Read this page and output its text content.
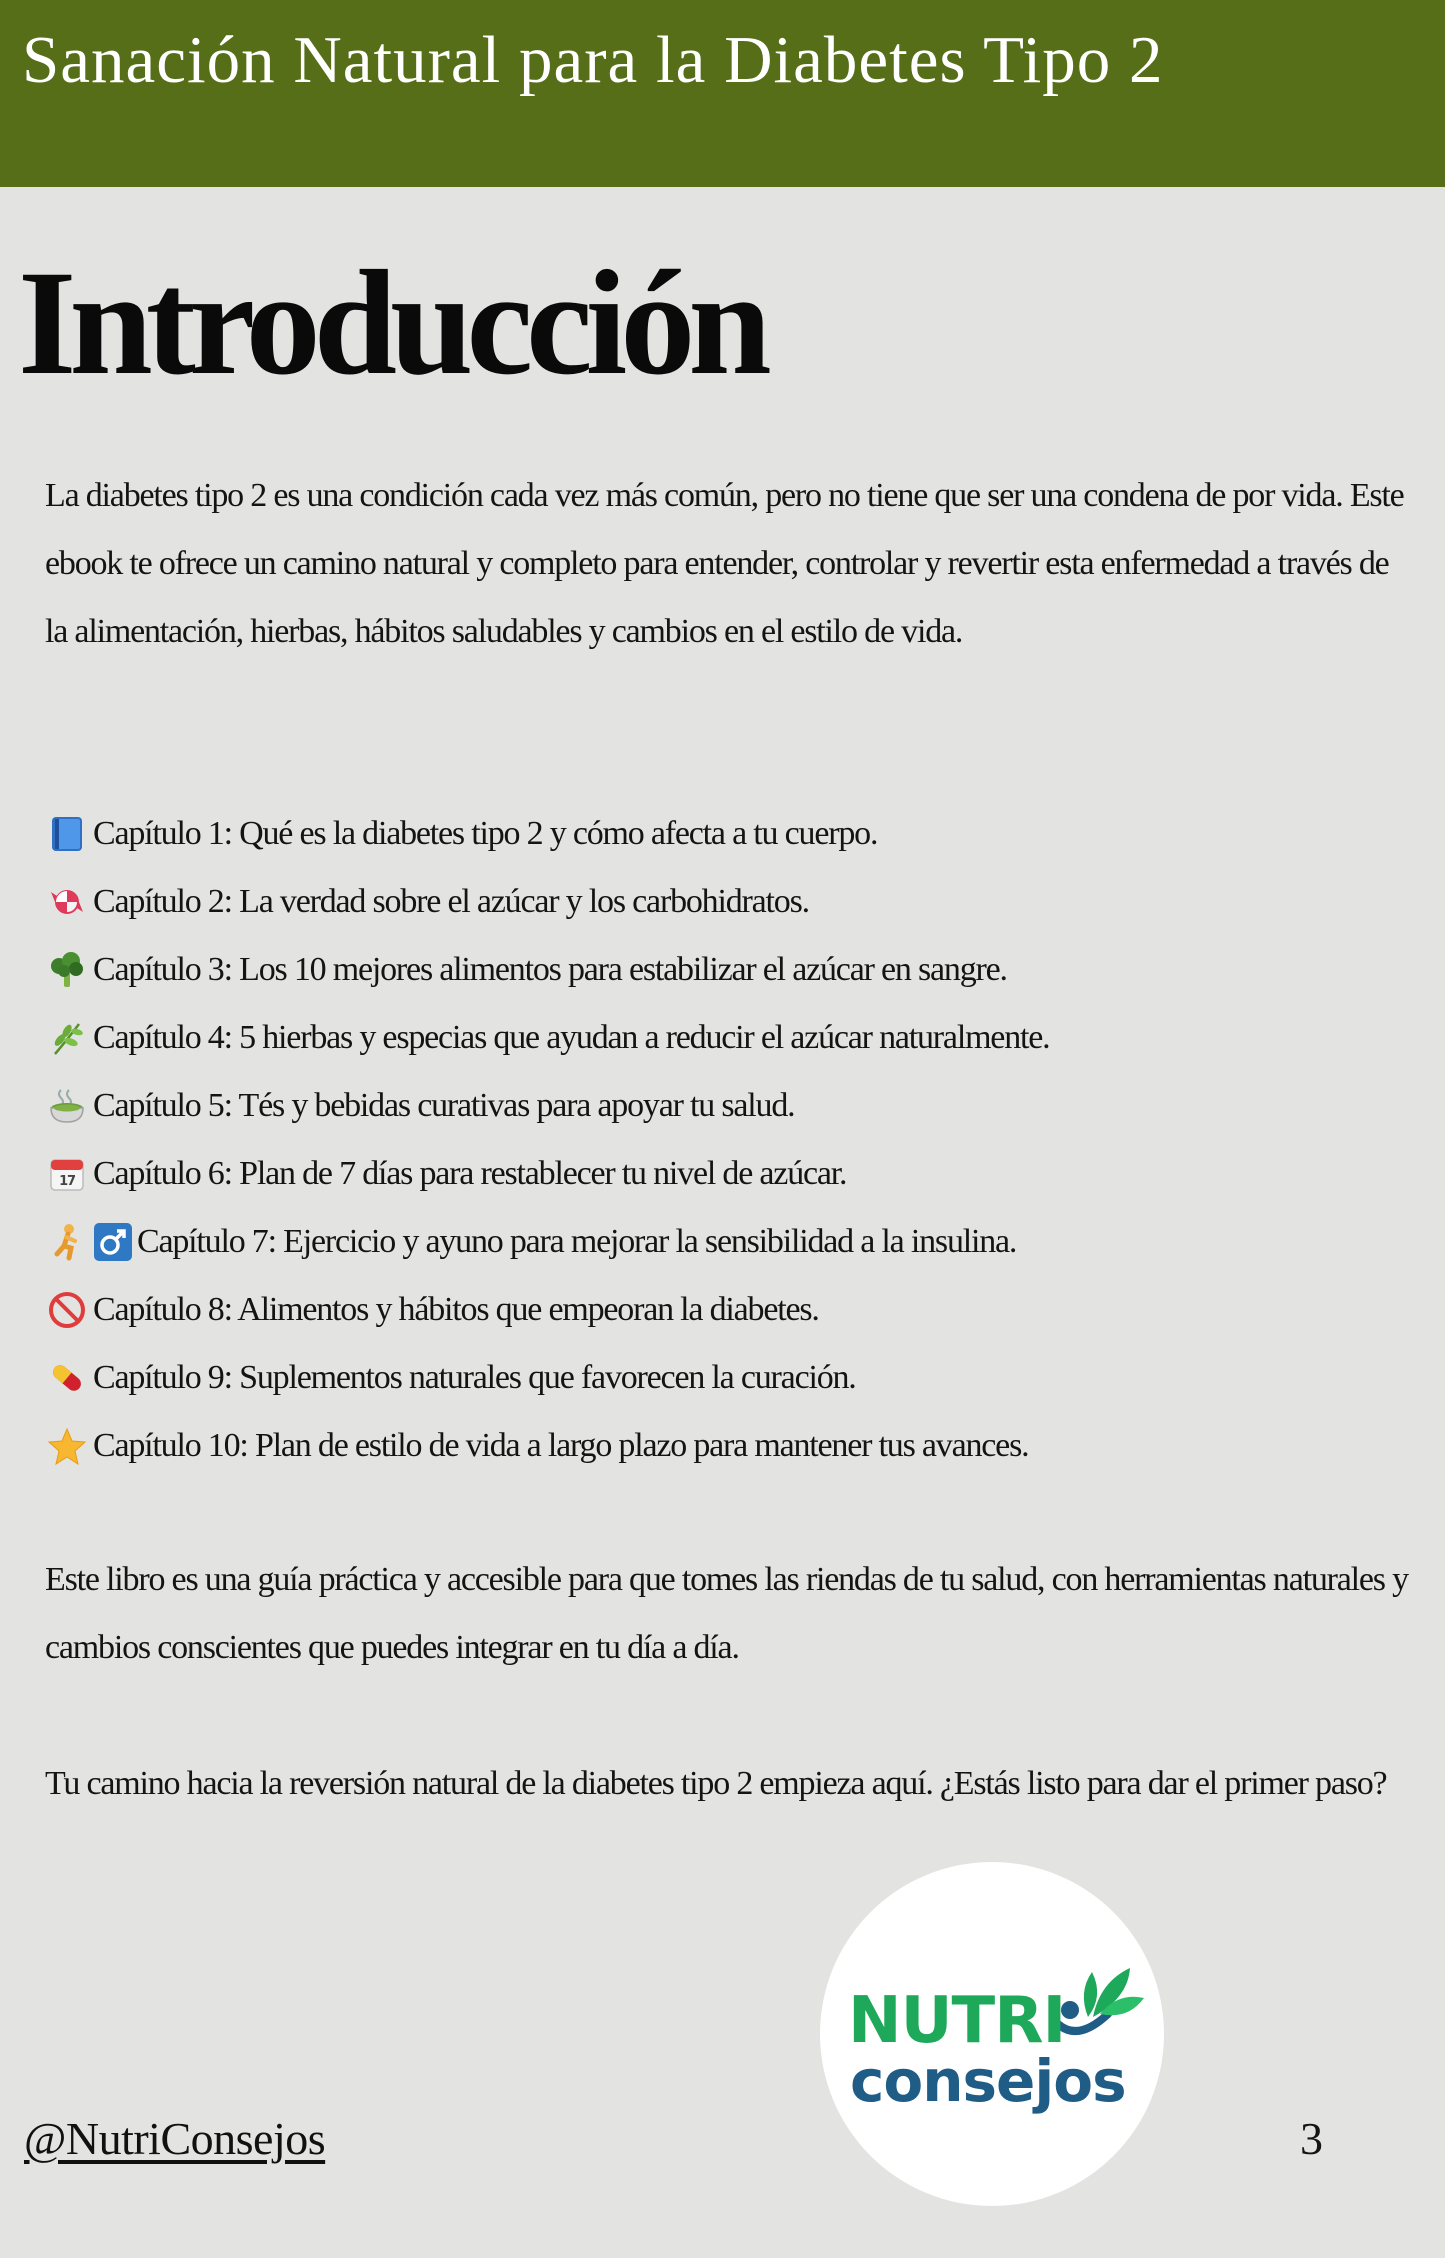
Sanación Natural para la Diabetes Tipo 2
Introducción

La diabetes tipo 2 es una condición cada vez más común, pero no tiene que ser una condena de por vida. Este ebook te ofrece un camino natural y completo para entender, controlar y revertir esta enfermedad a través de la alimentación, hierbas, hábitos saludables y cambios en el estilo de vida.

Capítulo 1: Qué es la diabetes tipo 2 y cómo afecta a tu cuerpo.
Capítulo 2: La verdad sobre el azúcar y los carbohidratos.
Capítulo 3: Los 10 mejores alimentos para estabilizar el azúcar en sangre.
Capítulo 4: 5 hierbas y especias que ayudan a reducir el azúcar naturalmente.
Capítulo 5: Tés y bebidas curativas para apoyar tu salud.
17 Capítulo 6: Plan de 7 días para restablecer tu nivel de azúcar.
Capítulo 7: Ejercicio y ayuno para mejorar la sensibilidad a la insulina.
Capítulo 8: Alimentos y hábitos que empeoran la diabetes.
Capítulo 9: Suplementos naturales que favorecen la curación.
Capítulo 10: Plan de estilo de vida a largo plazo para mantener tus avances.

Este libro es una guía práctica y accesible para que tomes las riendas de tu salud, con herramientas naturales y cambios conscientes que puedes integrar en tu día a día.

Tu camino hacia la reversión natural de la diabetes tipo 2 empieza aquí. ¿Estás listo para dar el primer paso?

NUTRI
consejos
@NutriConsejos	3
